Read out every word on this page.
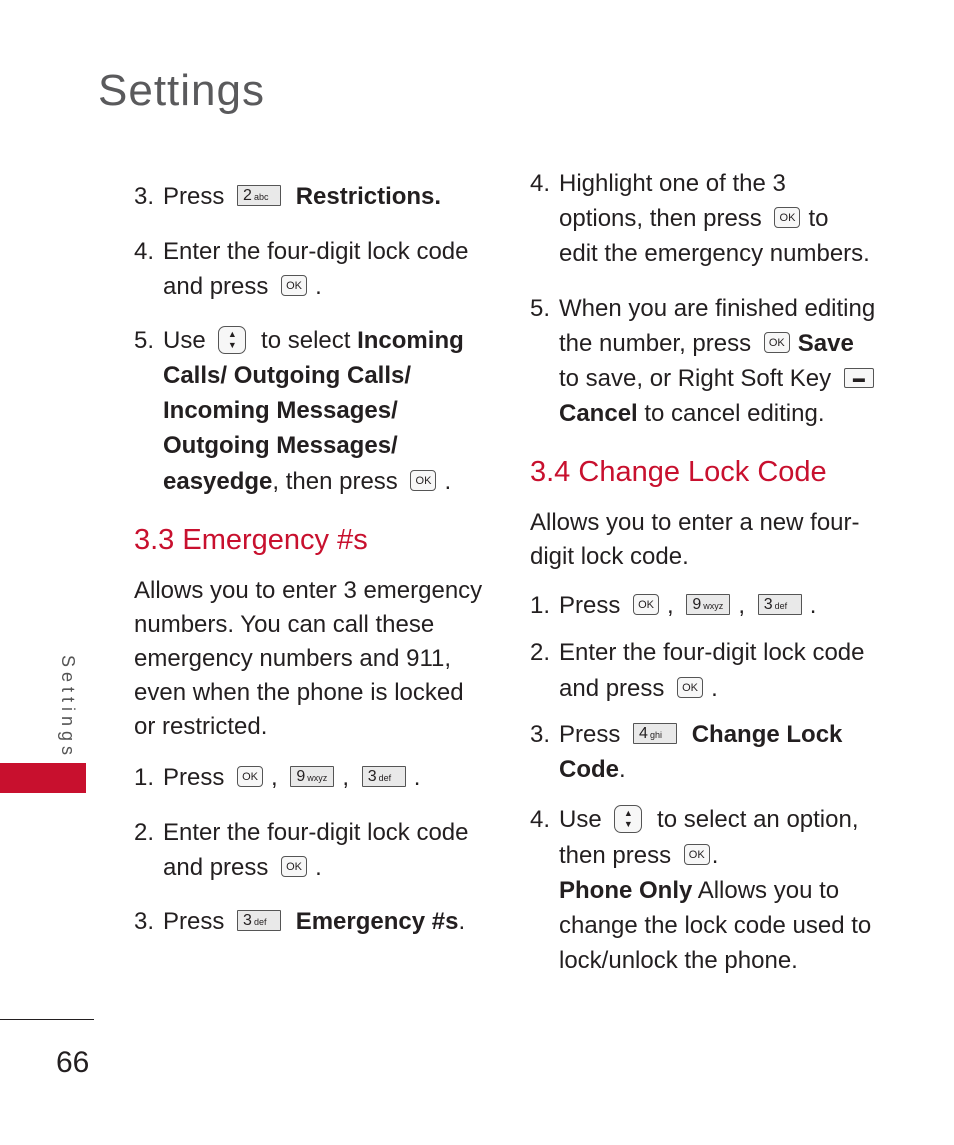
Settings

3. Press 2 abc Restrictions.

4. Enter the four-digit lock code

and press OK .

5. Use ▲
▼ to select Incoming

Calls/ Outgoing Calls/

Incoming Messages/

Outgoing Messages/

easyedge, then press OK .

3.3 Emergency #s

Allows you to enter 3 emergency

numbers. You can call these

emergency numbers and 911,

even when the phone is locked

or restricted.

1. Press OK , 9 wxyz , 3 def .

2. Enter the four-digit lock code

and press OK .

3. Press 3 def Emergency #s.

4. Highlight one of the 3

options, then press OK to

edit the emergency numbers.

5. When you are finished editing

the number, press OK Save

to save, or Right Soft Key ▬

Cancel to cancel editing.

3.4 Change Lock Code

Allows you to enter a new four-

digit lock code.

1. Press OK , 9 wxyz , 3 def .

2. Enter the four-digit lock code

and press OK .

3. Press 4 ghi Change Lock

Code.

4. Use ▲
▼ to select an option,

then press OK .

Phone Only Allows you to

change the lock code used to

lock/unlock the phone.

Settings

66
